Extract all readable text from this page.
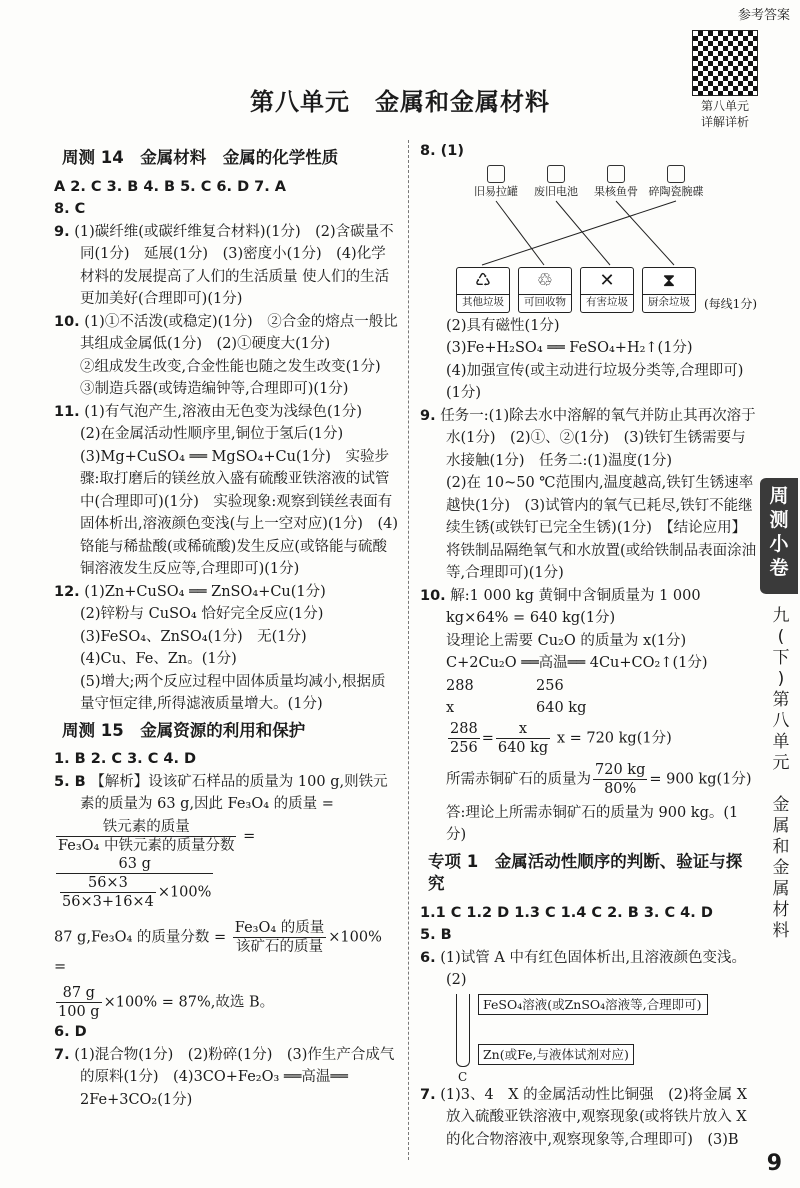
参考答案
第八单元
详解详析
第八单元　金属和金属材料

周测 14　金属材料　金属的化学性质

A 2. C 3. B 4. B 5. C 6. D 7. A

8. C

9. (1)碳纤维(或碳纤维复合材料)(1分)　(2)含碳量不同(1分)　延展(1分)　(3)密度小(1分)　(4)化学材料的发展提高了人们的生活质量 使人们的生活更加美好(合理即可)(1分)

10. (1)①不活泼(或稳定)(1分)　②合金的熔点一般比其组成金属低(1分)　(2)①硬度大(1分)

②组成发生改变,合金性能也随之发生改变(1分)

③制造兵器(或铸造编钟等,合理即可)(1分)

11. (1)有气泡产生,溶液由无色变为浅绿色(1分)

(2)在金属活动性顺序里,铜位于氢后(1分)

(3)Mg+CuSO₄ ══ MgSO₄+Cu(1分)　实验步骤:取打磨后的镁丝放入盛有硫酸亚铁溶液的试管中(合理即可)(1分)　实验现象:观察到镁丝表面有固体析出,溶液颜色变浅(与上一空对应)(1分)　(4)铬能与稀盐酸(或稀硫酸)发生反应(或铬能与硫酸铜溶液发生反应等,合理即可)(1分)

12. (1)Zn+CuSO₄ ══ ZnSO₄+Cu(1分)

(2)锌粉与 CuSO₄ 恰好完全反应(1分)

(3)FeSO₄、ZnSO₄(1分)　无(1分)

(4)Cu、Fe、Zn。(1分)

(5)增大;两个反应过程中固体质量均减小,根据质量守恒定律,所得滤液质量增大。(1分)

周测 15　金属资源的利用和保护

1. B 2. C 3. C 4. D

5. B 【解析】设该矿石样品的质量为 100 g,则铁元素的质量为 63 g,因此 Fe₃O₄ 的质量 =

$\frac{\text{铁元素的质量}}{\text{Fe₃O₄ 中铁元素的质量分数}}$ =
$\frac{63 g}{\frac{56\times 3}{56\times 3+16\times 4} \times 100\%}$

87 g,Fe₃O₄ 的质量分数 = $\frac{\text{Fe₃O₄ 的质量}}{\text{该矿石的质量}} \times 100\%$ =

$\frac{87 g}{100 g} \times 100\% = 87\%$,故选 B。

6. D

7. (1)混合物(1分)　(2)粉碎(1分)　(3)作生产合成气的原料(1分)　(4)3CO+Fe₂O₃ ══高温══ 2Fe+3CO₂(1分)

8. (1)

旧易拉罐	废旧电池	果核鱼骨 碎陶瓷腕碟
♺
其他垃圾
♲
可回收物
✕
有害垃圾
⧗
厨余垃圾	(每线1分)

(2)具有磁性(1分)

(3)Fe+H₂SO₄ ══ FeSO₄+H₂↑(1分)

(4)加强宣传(或主动进行垃圾分类等,合理即可)(1分)

9. 任务一:(1)除去水中溶解的氧气并防止其再次溶于水(1分)　(2)①、②(1分)　(3)铁钉生锈需要与水接触(1分)　任务二:(1)温度(1分)

(2)在 10~50 ℃范围内,温度越高,铁钉生锈速率越快(1分)　(3)试管内的氧气已耗尽,铁钉不能继续生锈(或铁钉已完全生锈)(1分)　【结论应用】将铁制品隔绝氧气和水放置(或给铁制品表面涂油等,合理即可)(1分)

10. 解:1 000 kg 黄铜中含铜质量为 1 000 kg×64% = 640 kg(1分)

设理论上需要 Cu₂O 的质量为 x(1分)

C+2Cu₂O ══高温══ 4Cu+CO₂↑(1分)

288	256

x	640 kg

$\frac{288}{256} = \frac{x}{640 kg}$ x = 720 kg(1分)

所需赤铜矿石的质量为 $\frac{720 kg}{80\%} = 900$ kg(1分)

答:理论上所需赤铜矿石的质量为 900 kg。(1分)

专项 1　金属活动性顺序的判断、验证与探究

1.1 C 1.2 D 1.3 C 1.4 C 2. B 3. C 4. D

5. B

6. (1)试管 A 中有红色固体析出,且溶液颜色变浅。

(2)

FeSO₄溶液(或ZnSO₄溶液等,合理即可)
Zn(或Fe,与液体试剂对应)
C

7. (1)3、4　X 的金属活动性比铜强　(2)将金属 X 放入硫酸亚铁溶液中,观察现象(或将铁片放入 X 的化合物溶液中,观察现象等,合理即可)　(3)B

周
测
小
卷
九
(
下
)
第
八
单
元

金
属
和
金
属
材
料
9
